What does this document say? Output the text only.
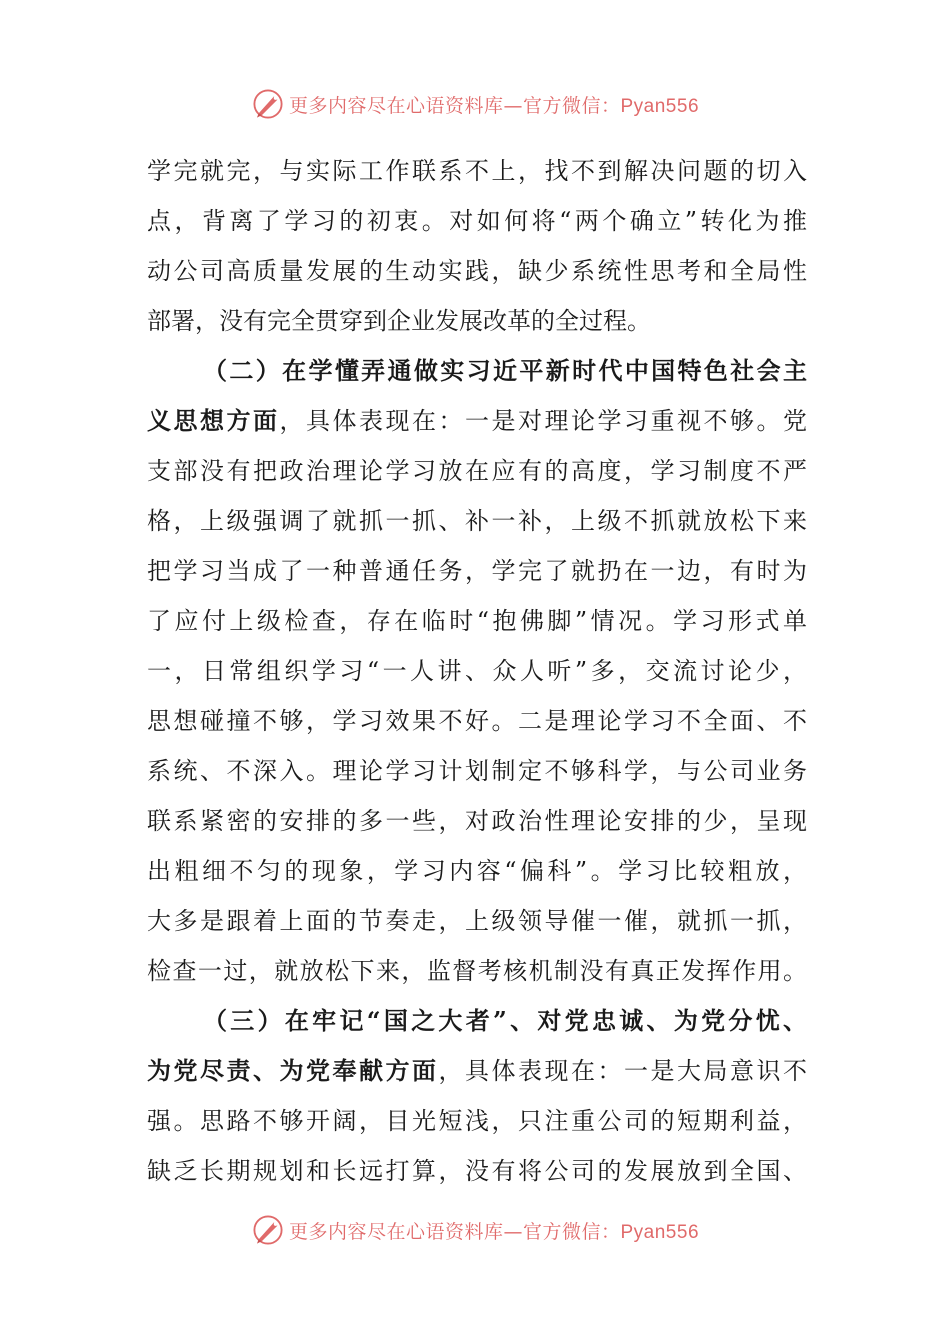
更多内容尽在心语资料库—官方微信：Pyan556
学完就完，与实际工作联系不上，找不到解决问题的切入
点，背离了学习的初衷。对如何将“两个确立”转化为推
动公司高质量发展的生动实践，缺少系统性思考和全局性
部署，没有完全贯穿到企业发展改革的全过程。
（二）在学懂弄通做实习近平新时代中国特色社会主
义思想方面，具体表现在：一是对理论学习重视不够。党
支部没有把政治理论学习放在应有的高度，学习制度不严
格，上级强调了就抓一抓、补一补，上级不抓就放松下来
把学习当成了一种普通任务，学完了就扔在一边，有时为
了应付上级检查，存在临时“抱佛脚”情况。学习形式单
一，日常组织学习“一人讲、众人听”多，交流讨论少，
思想碰撞不够，学习效果不好。二是理论学习不全面、不
系统、不深入。理论学习计划制定不够科学，与公司业务
联系紧密的安排的多一些，对政治性理论安排的少，呈现
出粗细不匀的现象，学习内容“偏科”。学习比较粗放，
大多是跟着上面的节奏走，上级领导催一催，就抓一抓，
检查一过，就放松下来，监督考核机制没有真正发挥作用。
（三）在牢记“国之大者”、对党忠诚、为党分忧、
为党尽责、为党奉献方面，具体表现在：一是大局意识不
强。思路不够开阔，目光短浅，只注重公司的短期利益，
缺乏长期规划和长远打算，没有将公司的发展放到全国、
更多内容尽在心语资料库—官方微信：Pyan556
